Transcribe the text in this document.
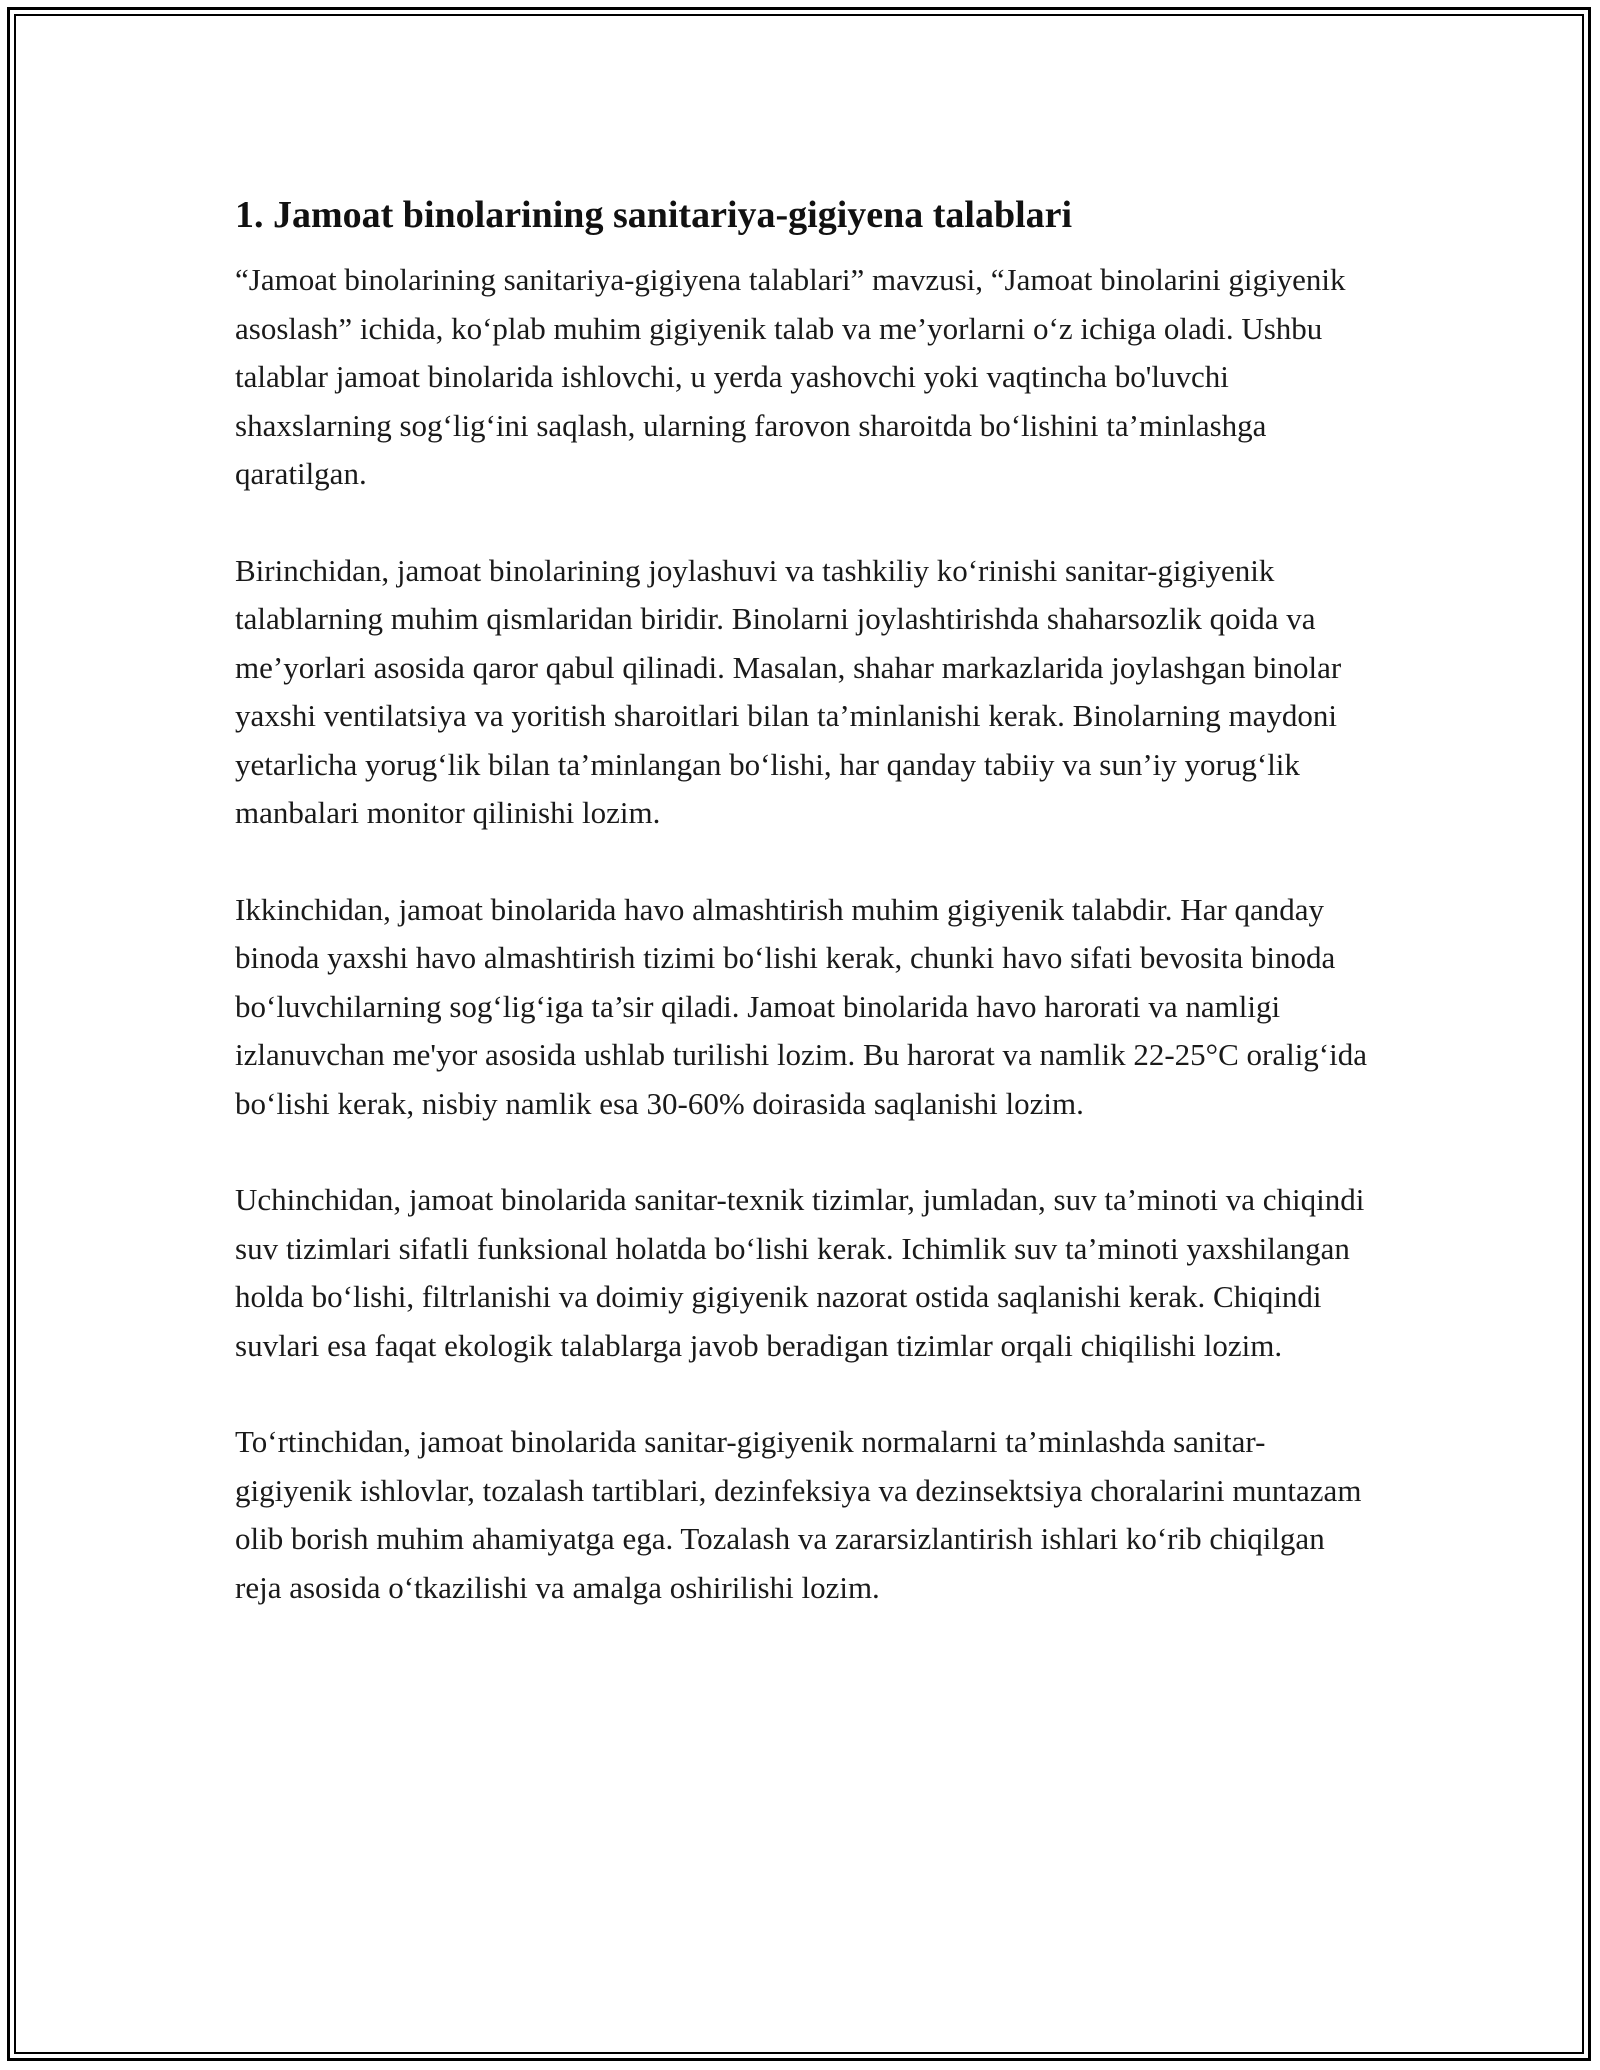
1. Jamoat binolarining sanitariya-gigiyena talablari

“Jamoat binolarining sanitariya-gigiyena talablari” mavzusi, “Jamoat binolarini gigiyenik asoslash” ichida, ko‘plab muhim gigiyenik talab va me’yorlarni o‘z ichiga oladi. Ushbu talablar jamoat binolarida ishlovchi, u yerda yashovchi yoki vaqtincha bo'luvchi shaxslarning sog‘lig‘ini saqlash, ularning farovon sharoitda bo‘lishini ta’minlashga qaratilgan.

Birinchidan, jamoat binolarining joylashuvi va tashkiliy ko‘rinishi sanitar-gigiyenik talablarning muhim qismlaridan biridir. Binolarni joylashtirishda shaharsozlik qoida va me’yorlari asosida qaror qabul qilinadi. Masalan, shahar markazlarida joylashgan binolar yaxshi ventilatsiya va yoritish sharoitlari bilan ta’minlanishi kerak. Binolarning maydoni yetarlicha yorug‘lik bilan ta’minlangan bo‘lishi, har qanday tabiiy va sun’iy yorug‘lik manbalari monitor qilinishi lozim.

Ikkinchidan, jamoat binolarida havo almashtirish muhim gigiyenik talabdir. Har qanday binoda yaxshi havo almashtirish tizimi bo‘lishi kerak, chunki havo sifati bevosita binoda bo‘luvchilarning sog‘lig‘iga ta’sir qiladi. Jamoat binolarida havo harorati va namligi izlanuvchan me'yor asosida ushlab turilishi lozim. Bu harorat va namlik 22-25°C oralig‘ida bo‘lishi kerak, nisbiy namlik esa 30-60% doirasida saqlanishi lozim.

Uchinchidan, jamoat binolarida sanitar-texnik tizimlar, jumladan, suv ta’minoti va chiqindi suv tizimlari sifatli funksional holatda bo‘lishi kerak. Ichimlik suv ta’minoti yaxshilangan holda bo‘lishi, filtrlanishi va doimiy gigiyenik nazorat ostida saqlanishi kerak. Chiqindi suvlari esa faqat ekologik talablarga javob beradigan tizimlar orqali chiqilishi lozim.

To‘rtinchidan, jamoat binolarida sanitar-gigiyenik normalarni ta’minlashda sanitar-gigiyenik ishlovlar, tozalash tartiblari, dezinfeksiya va dezinsektsiya choralarini muntazam olib borish muhim ahamiyatga ega. Tozalash va zararsizlantirish ishlari ko‘rib chiqilgan reja asosida o‘tkazilishi va amalga oshirilishi lozim.
